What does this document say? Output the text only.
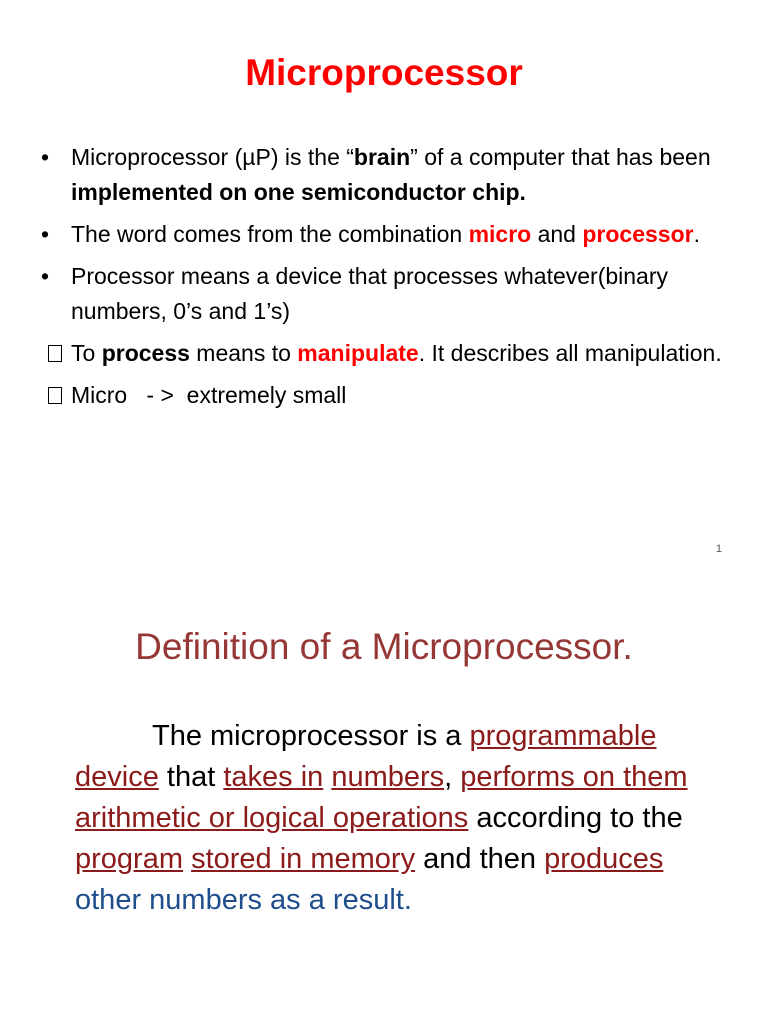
Microprocessor
• Microprocessor (µP) is the “brain” of a computer that has been implemented on one semiconductor chip.
• The word comes from the combination micro and processor.
• Processor means a device that processes whatever(binary numbers, 0’s and 1’s)
To process means to manipulate. It describes all manipulation.
Micro   - >  extremely small
1
Definition of a Microprocessor.
The microprocessor is a programmable device that takes in numbers, performs on them arithmetic or logical operations according to the program stored in memory and then produces other numbers as a result.
